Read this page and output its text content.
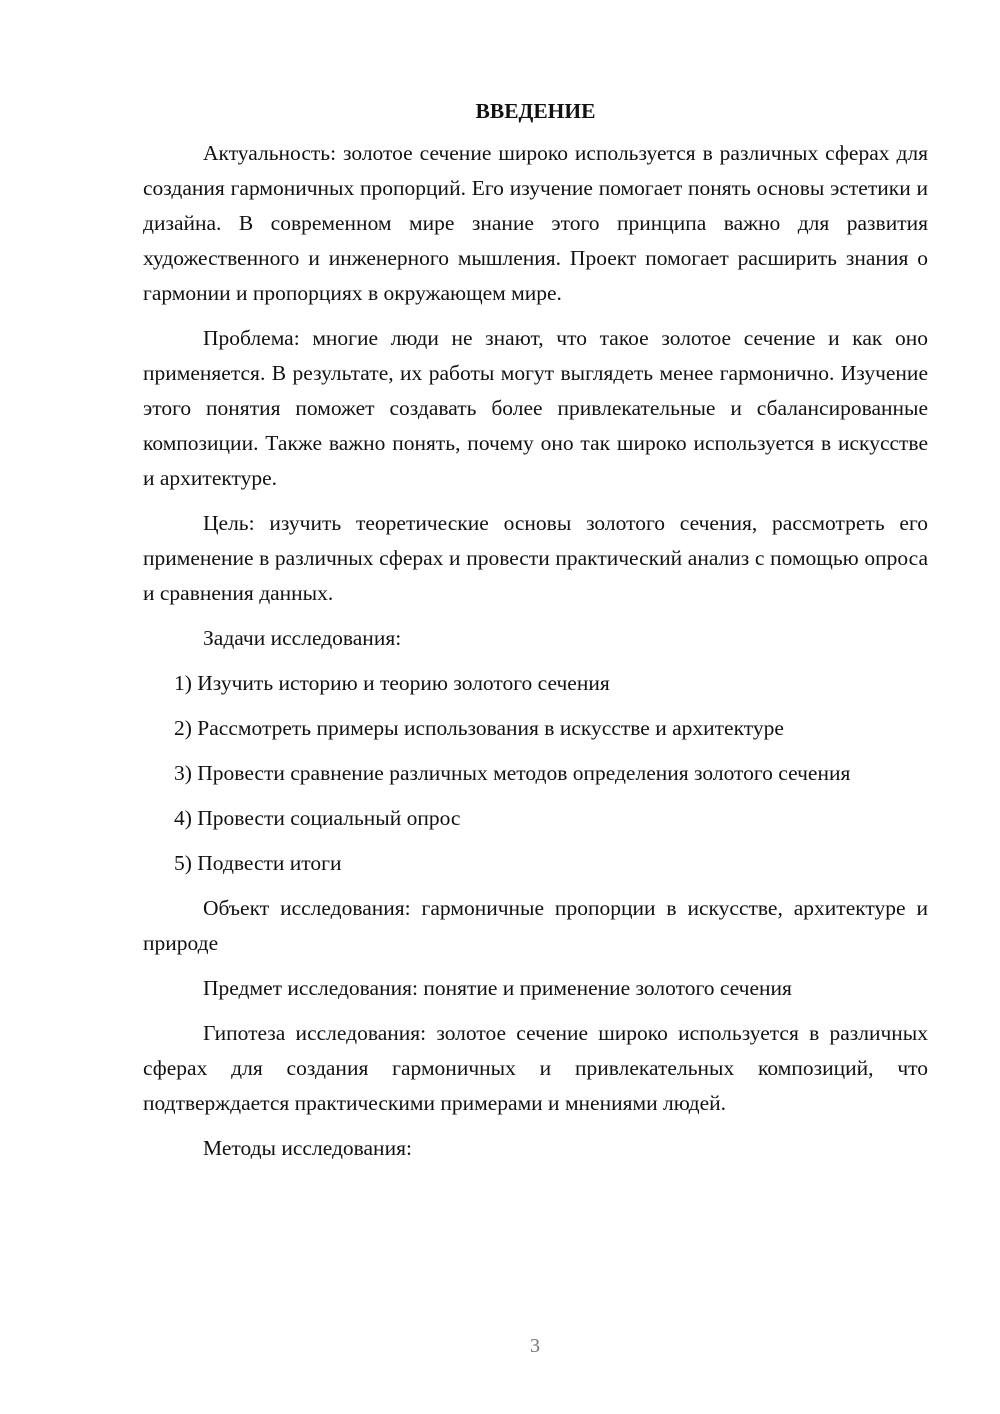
ВВЕДЕНИЕ

Актуальность: золотое сечение широко используется в различных сферах для создания гармоничных пропорций. Его изучение помогает понять основы эстетики и дизайна. В современном мире знание этого принципа важно для развития художественного и инженерного мышления. Проект помогает расширить знания о гармонии и пропорциях в окружающем мире.

Проблема: многие люди не знают, что такое золотое сечение и как оно применяется. В результате, их работы могут выглядеть менее гармонично. Изучение этого понятия поможет создавать более привлекательные и сбалансированные композиции. Также важно понять, почему оно так широко используется в искусстве и архитектуре.

Цель: изучить теоретические основы золотого сечения, рассмотреть его применение в различных сферах и провести практический анализ с помощью опроса и сравнения данных.

Задачи исследования:

1) Изучить историю и теорию золотого сечения

2) Рассмотреть примеры использования в искусстве и архитектуре

3) Провести сравнение различных методов определения золотого сечения

4) Провести социальный опрос

5) Подвести итоги

Объект исследования: гармоничные пропорции в искусстве, архитектуре и природе

Предмет исследования: понятие и применение золотого сечения

Гипотеза исследования: золотое сечение широко используется в различных сферах для создания гармоничных и привлекательных композиций, что подтверждается практическими примерами и мнениями людей.

Методы исследования:

3
